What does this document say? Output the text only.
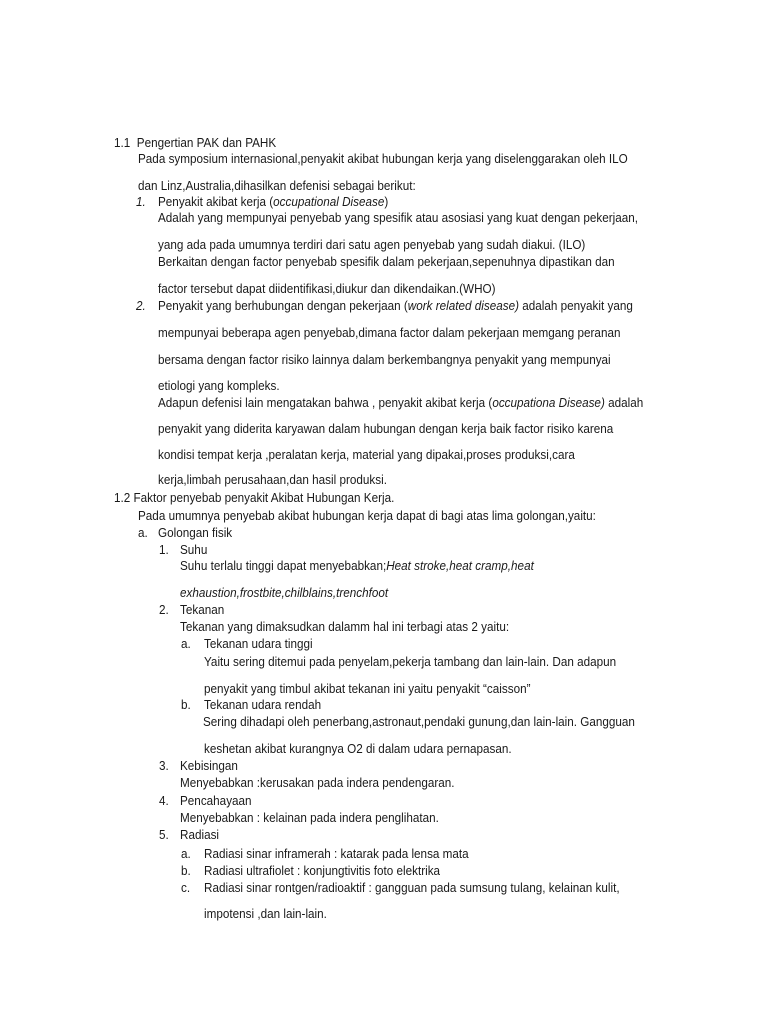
1.1 Pengertian PAK dan PAHK
Pada symposium internasional,penyakit akibat hubungan kerja yang diselenggarakan oleh ILO
dan Linz,Australia,dihasilkan defenisi sebagai berikut:
1. Penyakit akibat kerja (occupational Disease)
Adalah yang mempunyai penyebab yang spesifik atau asosiasi yang kuat dengan pekerjaan,
yang ada pada umumnya terdiri dari satu agen penyebab yang sudah diakui. (ILO)
Berkaitan dengan factor penyebab spesifik dalam pekerjaan,sepenuhnya dipastikan dan
factor tersebut dapat diidentifikasi,diukur dan dikendaikan.(WHO)
2. Penyakit yang berhubungan dengan pekerjaan (work related disease) adalah penyakit yang
mempunyai beberapa agen penyebab,dimana factor dalam pekerjaan memgang peranan
bersama dengan factor risiko lainnya dalam berkembangnya penyakit yang mempunyai
etiologi yang kompleks.
Adapun defenisi lain mengatakan bahwa , penyakit akibat kerja (occupationa Disease) adalah
penyakit yang diderita karyawan dalam hubungan dengan kerja baik factor risiko karena
kondisi tempat kerja ,peralatan kerja, material yang dipakai,proses produksi,cara
kerja,limbah perusahaan,dan hasil produksi.
1.2 Faktor penyebab penyakit Akibat Hubungan Kerja.
Pada umumnya penyebab akibat hubungan kerja dapat di bagi atas lima golongan,yaitu:
a. Golongan fisik
1. Suhu
Suhu terlalu tinggi dapat menyebabkan;Heat stroke,heat cramp,heat
exhaustion,frostbite,chilblains,trenchfoot
2. Tekanan
Tekanan yang dimaksudkan dalamm hal ini terbagi atas 2 yaitu:
a. Tekanan udara tinggi
Yaitu sering ditemui pada penyelam,pekerja tambang dan lain-lain. Dan adapun
penyakit yang timbul akibat tekanan ini yaitu penyakit “caisson”
b. Tekanan udara rendah
Sering dihadapi oleh penerbang,astronaut,pendaki gunung,dan lain-lain. Gangguan
keshetan akibat kurangnya O2 di dalam udara pernapasan.
3. Kebisingan
Menyebabkan :kerusakan pada indera pendengaran.
4. Pencahayaan
Menyebabkan : kelainan pada indera penglihatan.
5. Radiasi
a. Radiasi sinar inframerah : katarak pada lensa mata
b. Radiasi ultrafiolet : konjungtivitis foto elektrika
c. Radiasi sinar rontgen/radioaktif : gangguan pada sumsung tulang, kelainan kulit,
impotensi ,dan lain-lain.
